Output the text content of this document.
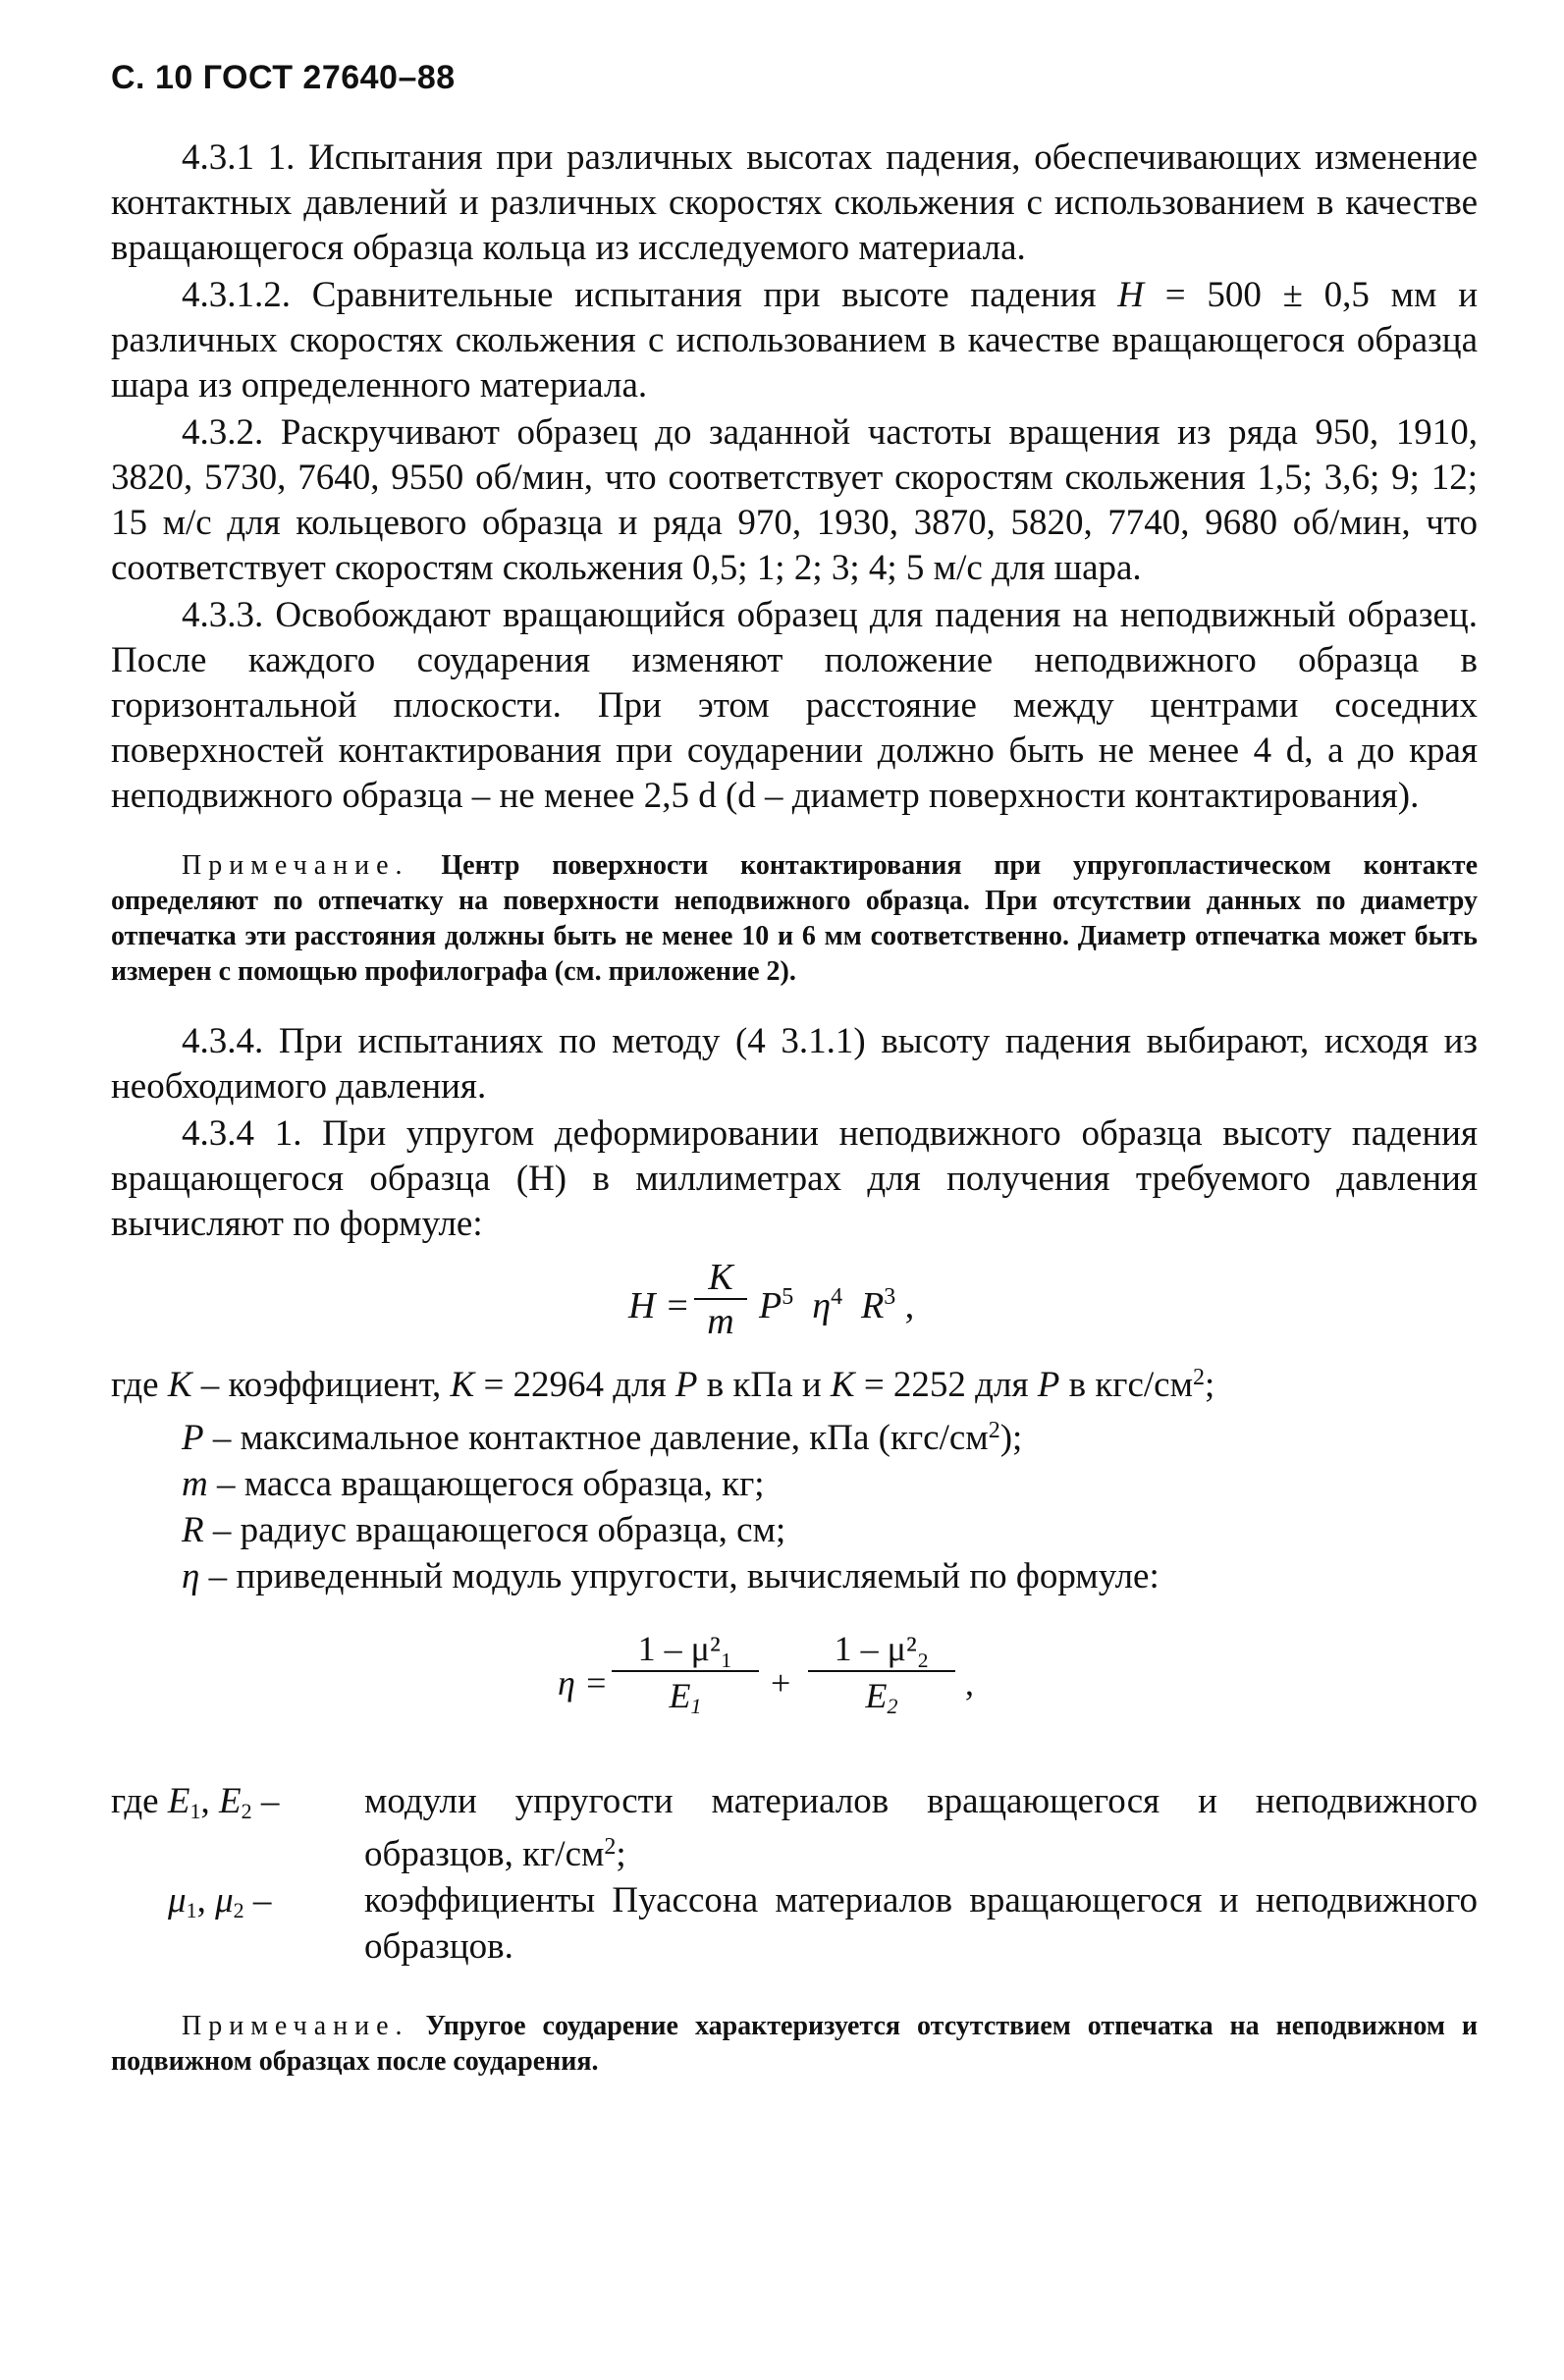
С. 10 ГОСТ 27640–88

4.3.1 1. Испытания при различных высотах падения, обеспечивающих изменение контактных давлений и различных скоростях скольжения с использованием в качестве вращающегося образца кольца из исследуемого материала.

4.3.1.2. Сравнительные испытания при высоте падения H = 500 ± 0,5 мм и различных скоростях скольжения с использованием в качестве вращающегося образца шара из определенного материала.

4.3.2. Раскручивают образец до заданной частоты вращения из ряда 950, 1910, 3820, 5730, 7640, 9550 об/мин, что соответствует скоростям скольжения 1,5; 3,6; 9; 12; 15 м/с для кольцевого образца и ряда 970, 1930, 3870, 5820, 7740, 9680 об/мин, что соответствует скоростям скольжения 0,5; 1; 2; 3; 4; 5 м/с для шара.

4.3.3. Освобождают вращающийся образец для падения на неподвижный образец. После каждого соударения изменяют положение неподвижного образца в горизонтальной плоскости. При этом расстояние между центрами соседних поверхностей контактирования при соударении должно быть не менее 4 d, а до края неподвижного образца – не менее 2,5 d (d – диаметр поверхности контактирования).

Примечание. Центр поверхности контактирования при упругопластическом контакте определяют по отпечатку на поверхности неподвижного образца. При отсутствии данных по диаметру отпечатка эти расстояния должны быть не менее 10 и 6 мм соответственно. Диаметр отпечатка может быть измерен с помощью профилографа (см. приложение 2).

4.3.4. При испытаниях по методу (4 3.1.1) высоту падения выбирают, исходя из необходимого давления.

4.3.4 1. При упругом деформировании неподвижного образца высоту падения вращающегося образца (H) в миллиметрах для получения требуемого давления вычисляют по формуле:

H =
K
m $P^5$ $\eta^4$ $R^3$ ,
где K – коэффициент, K = 22964 для P в кПа и K = 2252 для P в кгс/$см^2$;
P – максимальное контактное давление, кПа $(кгс/см^2)$;
m – масса вращающегося образца, кг;
R – радиус вращающегося образца, см;
η – приведенный модуль упругости, вычисляемый по формуле:
η =
1 – μ²₁
$E_1$
+
1 – μ²₂
$E_2$
,
где $E_1$, $E_2$ –	модули упругости материалов вращающегося и неподвижного образцов, $кг/см^2$;
$\mu_1$, $\mu_2$ –	коэффициенты Пуассона материалов вращающегося и неподвижного образцов.

Примечание. Упругое соударение характеризуется отсутствием отпечатка на неподвижном и подвижном образцах после соударения.
